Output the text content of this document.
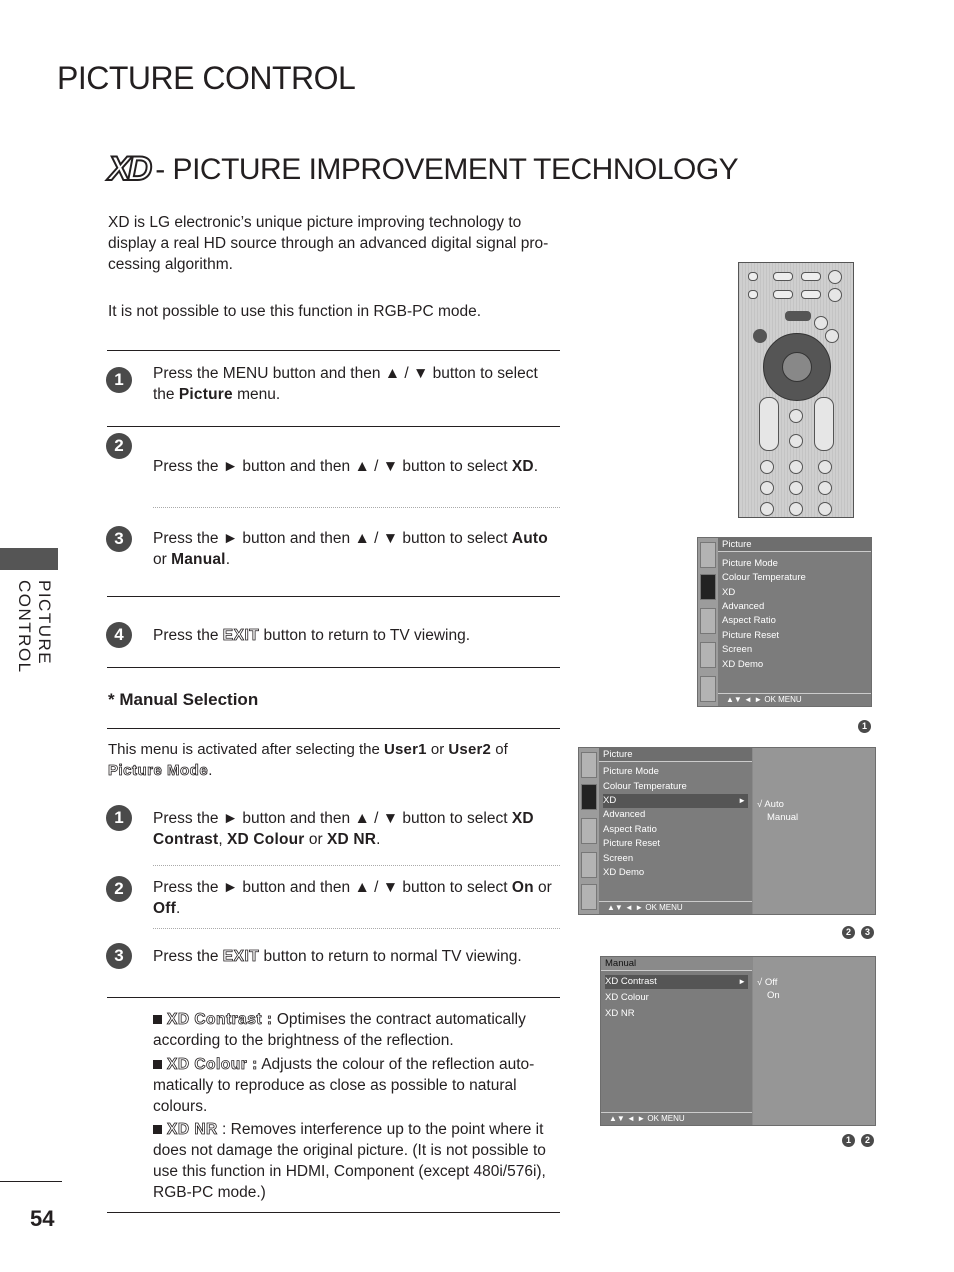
PICTURE CONTROL
XD - PICTURE IMPROVEMENT TECHNOLOGY
XD is LG electronic’s unique picture improving technology to display a real HD source through an advanced digital signal pro-cessing algorithm.
It is not possible to use this function in RGB-PC mode.
PICTURE CONTROL
1	Press the MENU button and then ▲ / ▼ button to select the Picture menu.
2
Press the ► button and then ▲ / ▼ button to select XD.
3	Press the ► button and then ▲ / ▼ button to select Auto or Manual.
4	Press the EXIT button to return to TV viewing.
* Manual Selection
This menu is activated after selecting the User1 or User2 of Picture Mode.
1	Press the ► button and then ▲ / ▼ button to select XD Contrast, XD Colour or XD NR.
2	Press the ► button and then ▲ / ▼ button to select On or Off.
3	Press the EXIT button to return to normal TV viewing.
XD Contrast : Optimises the contract automatically according to the brightness of the reflection.
XD Colour : Adjusts the colour of the reflection auto-matically to reproduce as close as possible to natural colours.
XD NR : Removes interference up to the point where it does not damage the original picture. (It is not possible to use this function in HDMI, Component (except 480i/576i), RGB-PC mode.)
54
Picture
Picture Mode
Colour Temperature
XD
Advanced
Aspect Ratio
Picture Reset
Screen
XD Demo
▲▼ ◄ ► OK MENU
1
Picture
Picture Mode
Colour Temperature
XD	►
Advanced
Aspect Ratio
Picture Reset
Screen
XD Demo
▲▼ ◄ ► OK MENU
√ Auto
Manual
2	3
Manual
XD Contrast	►
XD Colour
XD NR
▲▼ ◄ ► OK MENU
√ Off
On
1	2
